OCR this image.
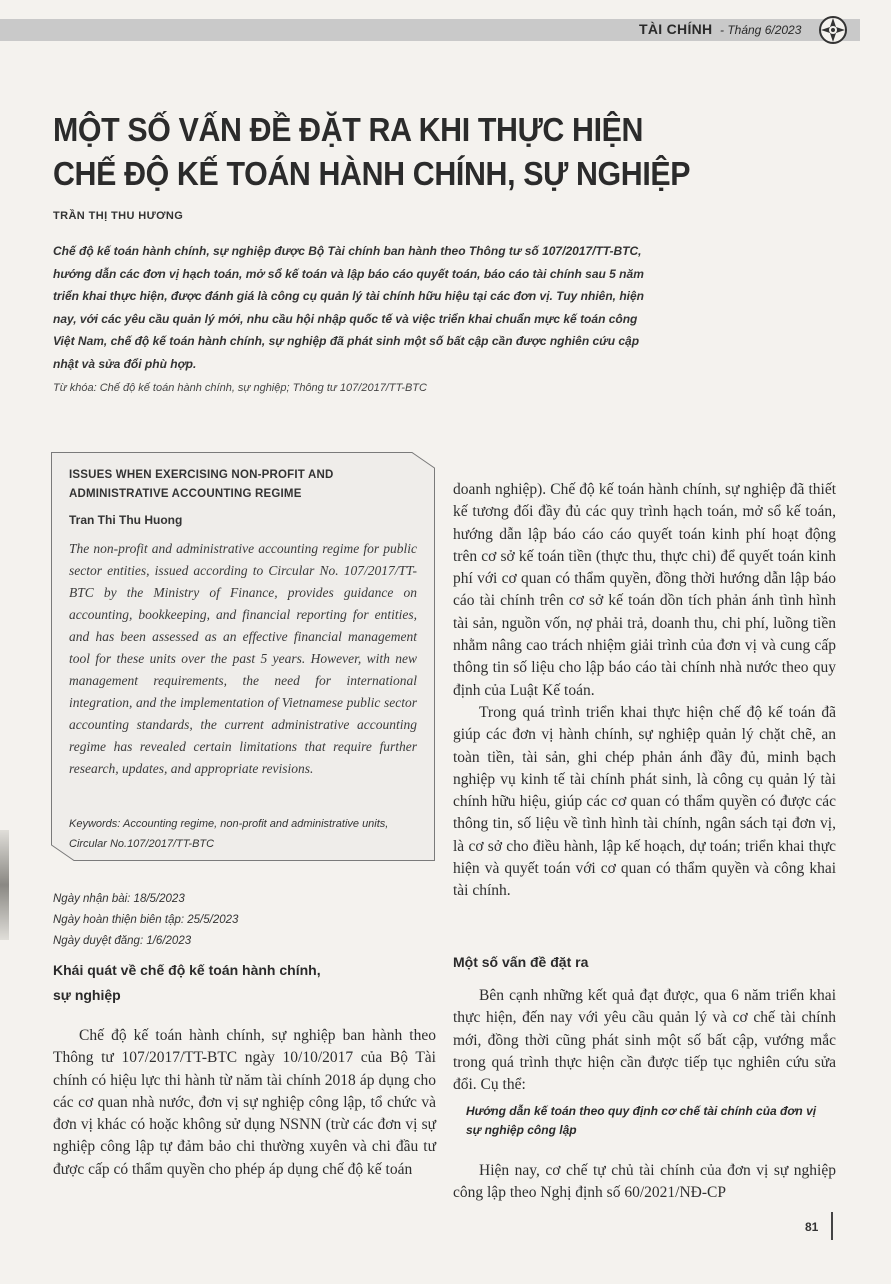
TÀI CHÍNH - Tháng 6/2023
MỘT SỐ VẤN ĐỀ ĐẶT RA KHI THỰC HIỆN
CHẾ ĐỘ KẾ TOÁN HÀNH CHÍNH, SỰ NGHIỆP
TRẦN THỊ THU HƯƠNG
Chế độ kế toán hành chính, sự nghiệp được Bộ Tài chính ban hành theo Thông tư số 107/2017/TT-BTC, hướng dẫn các đơn vị hạch toán, mở sổ kế toán và lập báo cáo quyết toán, báo cáo tài chính sau 5 năm triển khai thực hiện, được đánh giá là công cụ quản lý tài chính hữu hiệu tại các đơn vị. Tuy nhiên, hiện nay, với các yêu cầu quản lý mới, nhu cầu hội nhập quốc tế và việc triển khai chuẩn mực kế toán công Việt Nam, chế độ kế toán hành chính, sự nghiệp đã phát sinh một số bất cập cần được nghiên cứu cập nhật và sửa đổi phù hợp.
Từ khóa: Chế độ kế toán hành chính, sự nghiệp; Thông tư 107/2017/TT-BTC
ISSUES WHEN EXERCISING NON-PROFIT AND ADMINISTRATIVE ACCOUNTING REGIME
Tran Thi Thu Huong
The non-profit and administrative accounting regime for public sector entities, issued according to Circular No. 107/2017/TT-BTC by the Ministry of Finance, provides guidance on accounting, bookkeeping, and financial reporting for entities, and has been assessed as an effective financial management tool for these units over the past 5 years. However, with new management requirements, the need for international integration, and the implementation of Vietnamese public sector accounting standards, the current administrative accounting regime has revealed certain limitations that require further research, updates, and appropriate revisions.
Keywords: Accounting regime, non-profit and administrative units, Circular No.107/2017/TT-BTC
Ngày nhận bài: 18/5/2023
Ngày hoàn thiện biên tập: 25/5/2023
Ngày duyệt đăng: 1/6/2023
Khái quát về chế độ kế toán hành chính, sự nghiệp

Chế độ kế toán hành chính, sự nghiệp ban hành theo Thông tư 107/2017/TT-BTC ngày 10/10/2017 của Bộ Tài chính có hiệu lực thi hành từ năm tài chính 2018 áp dụng cho các cơ quan nhà nước, đơn vị sự nghiệp công lập, tổ chức và đơn vị khác có hoặc không sử dụng NSNN (trừ các đơn vị sự nghiệp công lập tự đảm bảo chi thường xuyên và chi đầu tư được cấp có thẩm quyền cho phép áp dụng chế độ kế toán

doanh nghiệp). Chế độ kế toán hành chính, sự nghiệp đã thiết kế tương đối đầy đủ các quy trình hạch toán, mở sổ kế toán, hướng dẫn lập báo cáo cáo quyết toán kinh phí hoạt động trên cơ sở kế toán tiền (thực thu, thực chi) để quyết toán kinh phí với cơ quan có thẩm quyền, đồng thời hướng dẫn lập báo cáo tài chính trên cơ sở kế toán dồn tích phản ánh tình hình tài sản, nguồn vốn, nợ phải trả, doanh thu, chi phí, luồng tiền nhằm nâng cao trách nhiệm giải trình của đơn vị và cung cấp thông tin số liệu cho lập báo cáo tài chính nhà nước theo quy định của Luật Kế toán.

Trong quá trình triển khai thực hiện chế độ kế toán đã giúp các đơn vị hành chính, sự nghiệp quản lý chặt chẽ, an toàn tiền, tài sản, ghi chép phản ánh đầy đủ, minh bạch nghiệp vụ kinh tế tài chính phát sinh, là công cụ quản lý tài chính hữu hiệu, giúp các cơ quan có thẩm quyền có được các thông tin, số liệu về tình hình tài chính, ngân sách tại đơn vị, là cơ sở cho điều hành, lập kế hoạch, dự toán; triển khai thực hiện và quyết toán với cơ quan có thẩm quyền và công khai tài chính.

Một số vấn đề đặt ra

Bên cạnh những kết quả đạt được, qua 6 năm triển khai thực hiện, đến nay với yêu cầu quản lý và cơ chế tài chính mới, đồng thời cũng phát sinh một số bất cập, vướng mắc trong quá trình thực hiện cần được tiếp tục nghiên cứu sửa đổi. Cụ thể:

Hướng dẫn kế toán theo quy định cơ chế tài chính của đơn vị sự nghiệp công lập

Hiện nay, cơ chế tự chủ tài chính của đơn vị sự nghiệp công lập theo Nghị định số 60/2021/NĐ-CP

81
